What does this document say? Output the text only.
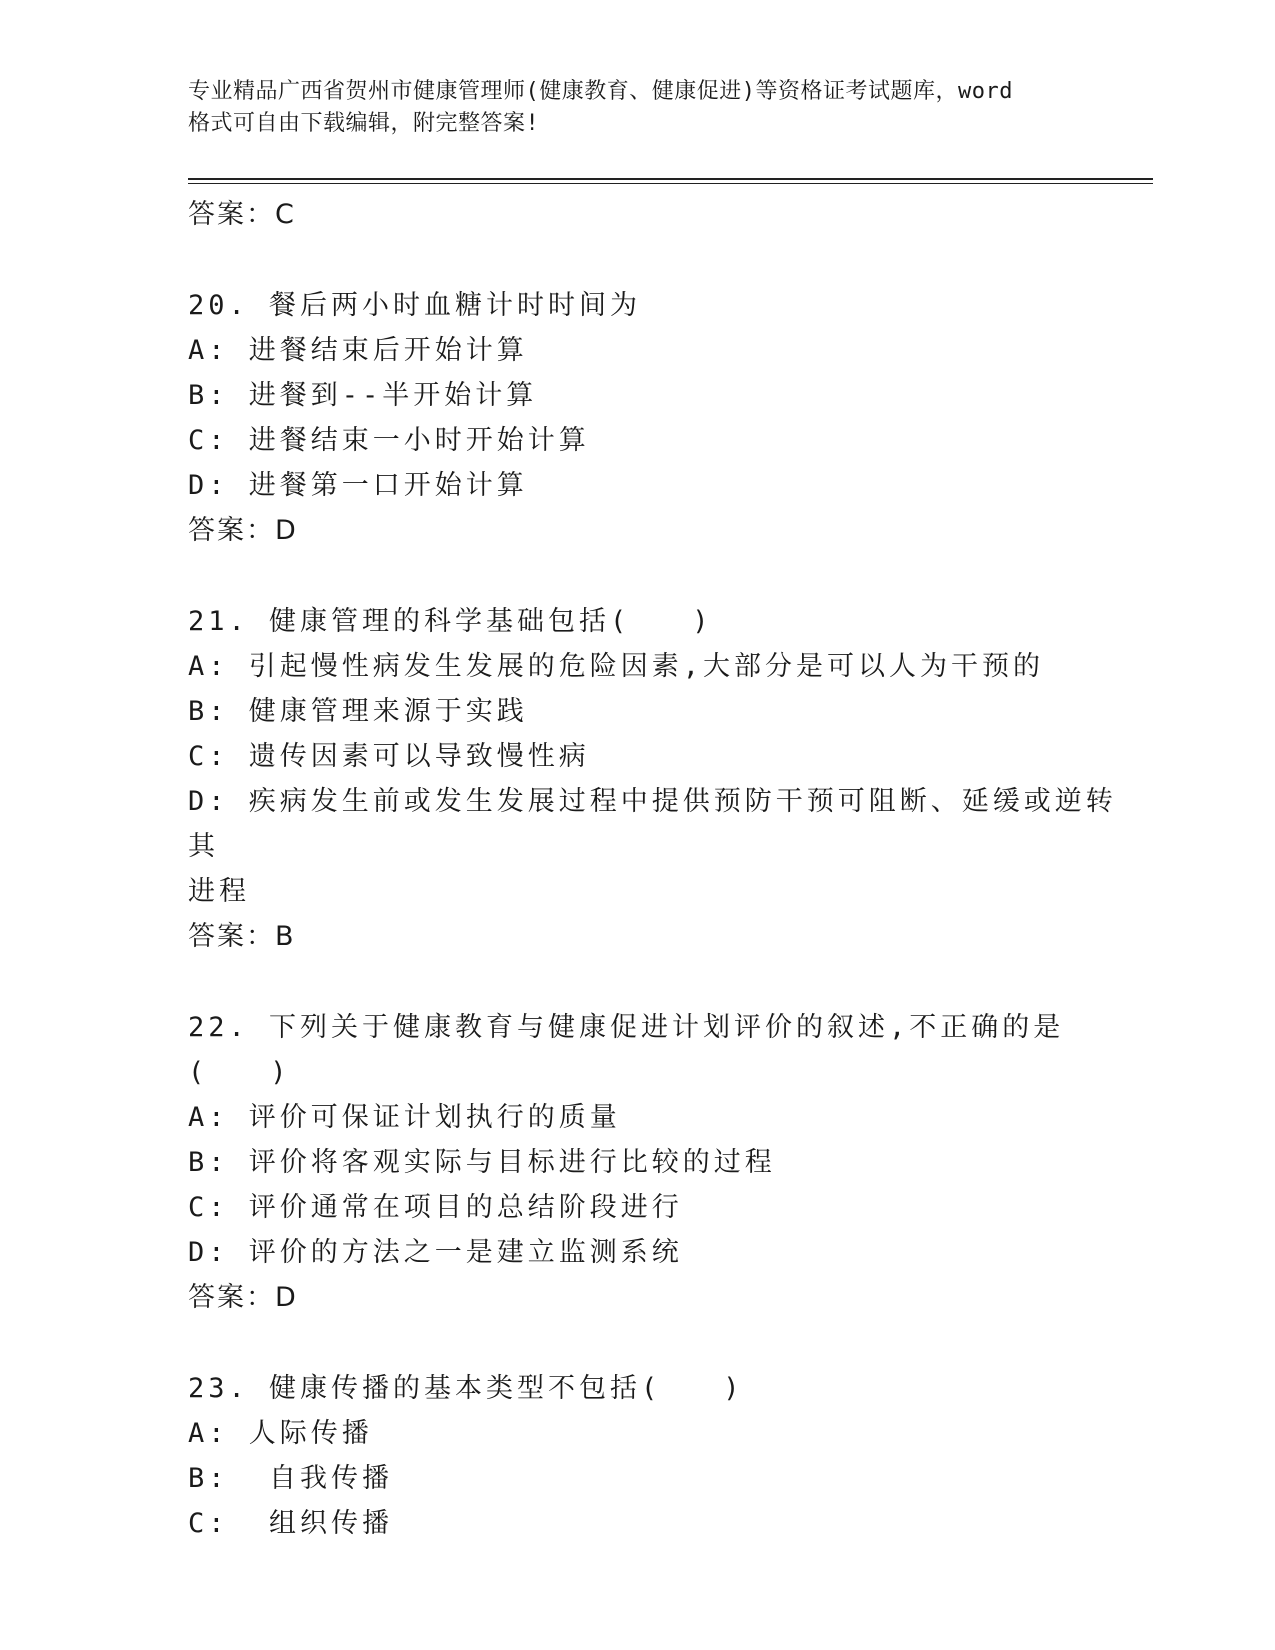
专业精品广西省贺州市健康管理师(健康教育、健康促进)等资格证考试题库，word
格式可自由下载编辑，附完整答案!
答案：C
20. 餐后两小时血糖计时时间为
A: 进餐结束后开始计算
B: 进餐到--半开始计算
C: 进餐结束一小时开始计算
D: 进餐第一口开始计算
答案：D
21. 健康管理的科学基础包括(　　)
A: 引起慢性病发生发展的危险因素,大部分是可以人为干预的
B: 健康管理来源于实践
C: 遗传因素可以导致慢性病
D: 疾病发生前或发生发展过程中提供预防干预可阻断、延缓或逆转其
进程
答案：B
22. 下列关于健康教育与健康促进计划评价的叙述,不正确的是(　　)
A: 评价可保证计划执行的质量
B: 评价将客观实际与目标进行比较的过程
C: 评价通常在项目的总结阶段进行
D: 评价的方法之一是建立监测系统
答案：D
23. 健康传播的基本类型不包括(　　)
A: 人际传播
B:  自我传播
C:  组织传播
